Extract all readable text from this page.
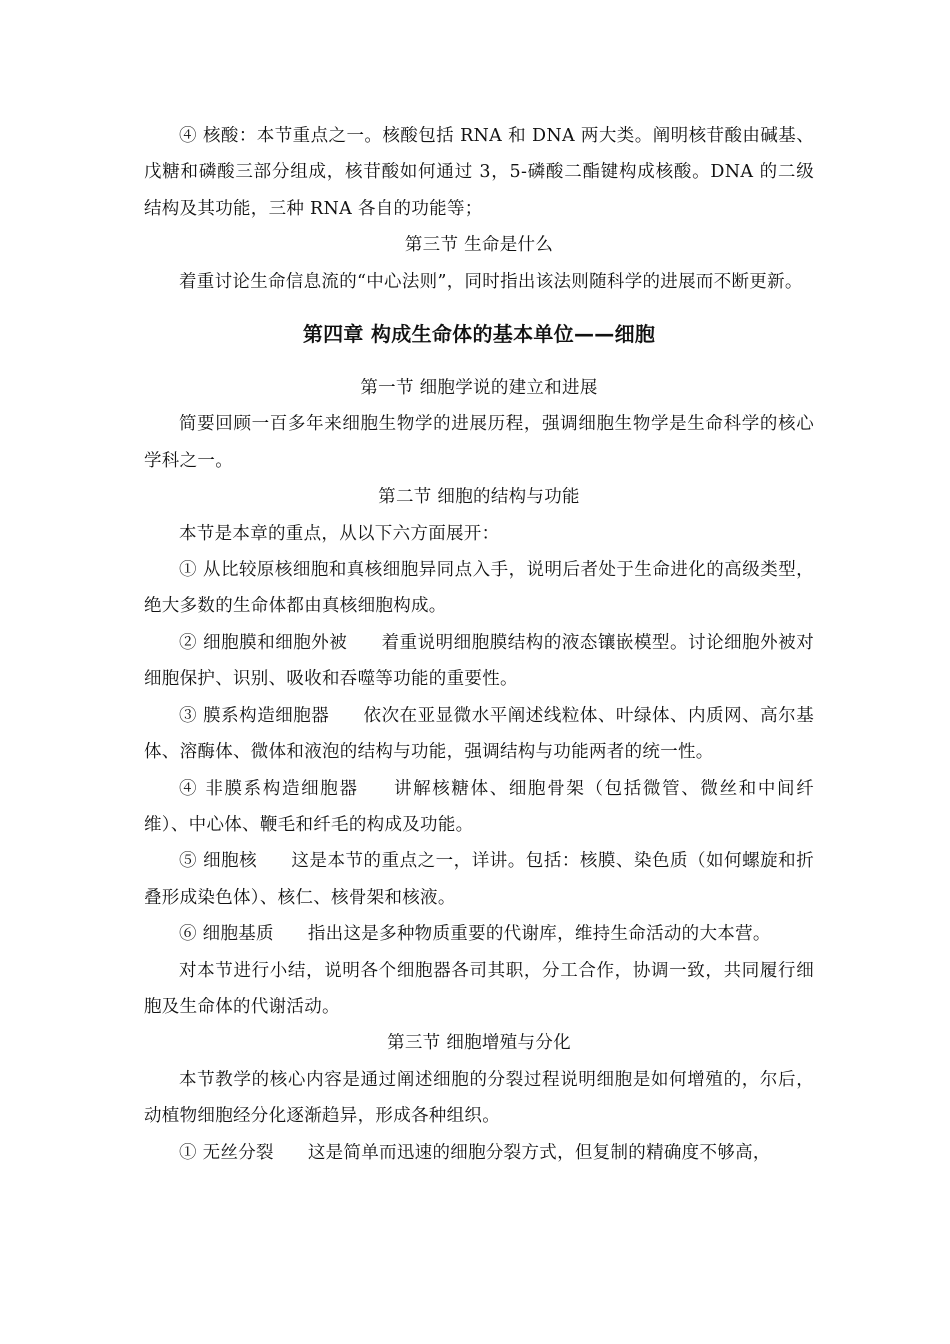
④ 核酸：本节重点之一。核酸包括 RNA 和 DNA 两大类。阐明核苷酸由碱基、戊糖和磷酸三部分组成，核苷酸如何通过 3，5-磷酸二酯键构成核酸。DNA 的二级结构及其功能，三种 RNA 各自的功能等；
第三节 生命是什么
着重讨论生命信息流的“中心法则”，同时指出该法则随科学的进展而不断更新。
第四章 构成生命体的基本单位——细胞
第一节 细胞学说的建立和进展
简要回顾一百多年来细胞生物学的进展历程，强调细胞生物学是生命科学的核心学科之一。
第二节 细胞的结构与功能
本节是本章的重点，从以下六方面展开：
① 从比较原核细胞和真核细胞异同点入手，说明后者处于生命进化的高级类型，绝大多数的生命体都由真核细胞构成。
② 细胞膜和细胞外被 着重说明细胞膜结构的液态镶嵌模型。讨论细胞外被对细胞保护、识别、吸收和吞噬等功能的重要性。
③ 膜系构造细胞器 依次在亚显微水平阐述线粒体、叶绿体、内质网、高尔基体、溶酶体、微体和液泡的结构与功能，强调结构与功能两者的统一性。
④ 非膜系构造细胞器 讲解核糖体、细胞骨架（包括微管、微丝和中间纤维）、中心体、鞭毛和纤毛的构成及功能。
⑤ 细胞核 这是本节的重点之一，详讲。包括：核膜、染色质（如何螺旋和折叠形成染色体）、核仁、核骨架和核液。
⑥ 细胞基质 指出这是多种物质重要的代谢库，维持生命活动的大本营。
对本节进行小结，说明各个细胞器各司其职，分工合作，协调一致，共同履行细胞及生命体的代谢活动。
第三节 细胞增殖与分化
本节教学的核心内容是通过阐述细胞的分裂过程说明细胞是如何增殖的，尔后，动植物细胞经分化逐渐趋异，形成各种组织。
① 无丝分裂 这是简单而迅速的细胞分裂方式，但复制的精确度不够高，
